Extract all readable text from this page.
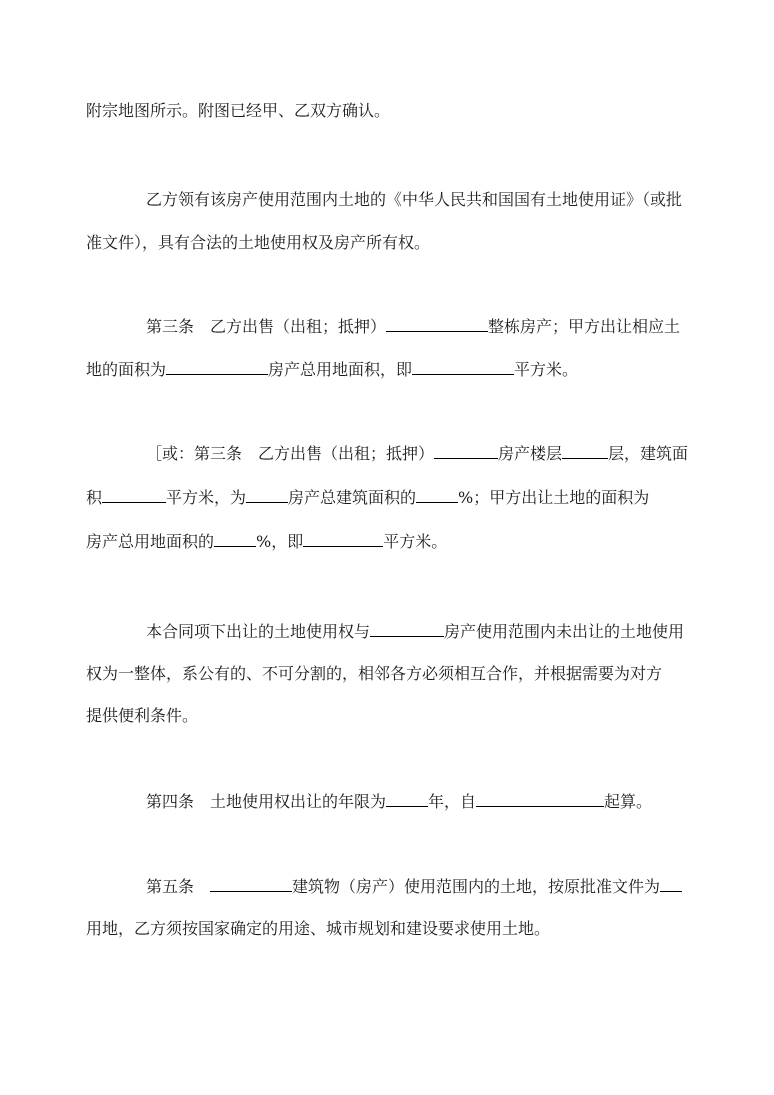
附宗地图所示。附图已经甲、乙双方确认。

乙方领有该房产使用范围内土地的《中华人民共和国国有土地使用证》（或批

准文件），具有合法的土地使用权及房产所有权。

第三条　乙方出售（出租；抵押）	整栋房产；甲方出让相应土

地的面积为	房产总用地面积，即	平方米。

［或：第三条　乙方出售（出租；抵押）	房产楼层	层，建筑面

积	平方米，为	房产总建筑面积的	%；甲方出让土地的面积为

房产总用地面积的	%，即	平方米。

本合同项下出让的土地使用权与	房产使用范围内未出让的土地使用

权为一整体，系公有的、不可分割的，相邻各方必须相互合作，并根据需要为对方

提供便利条件。

第四条　土地使用权出让的年限为	年，自	起算。

第五条　	建筑物（房产）使用范围内的土地，按原批准文件为

用地，乙方须按国家确定的用途、城市规划和建设要求使用土地。
